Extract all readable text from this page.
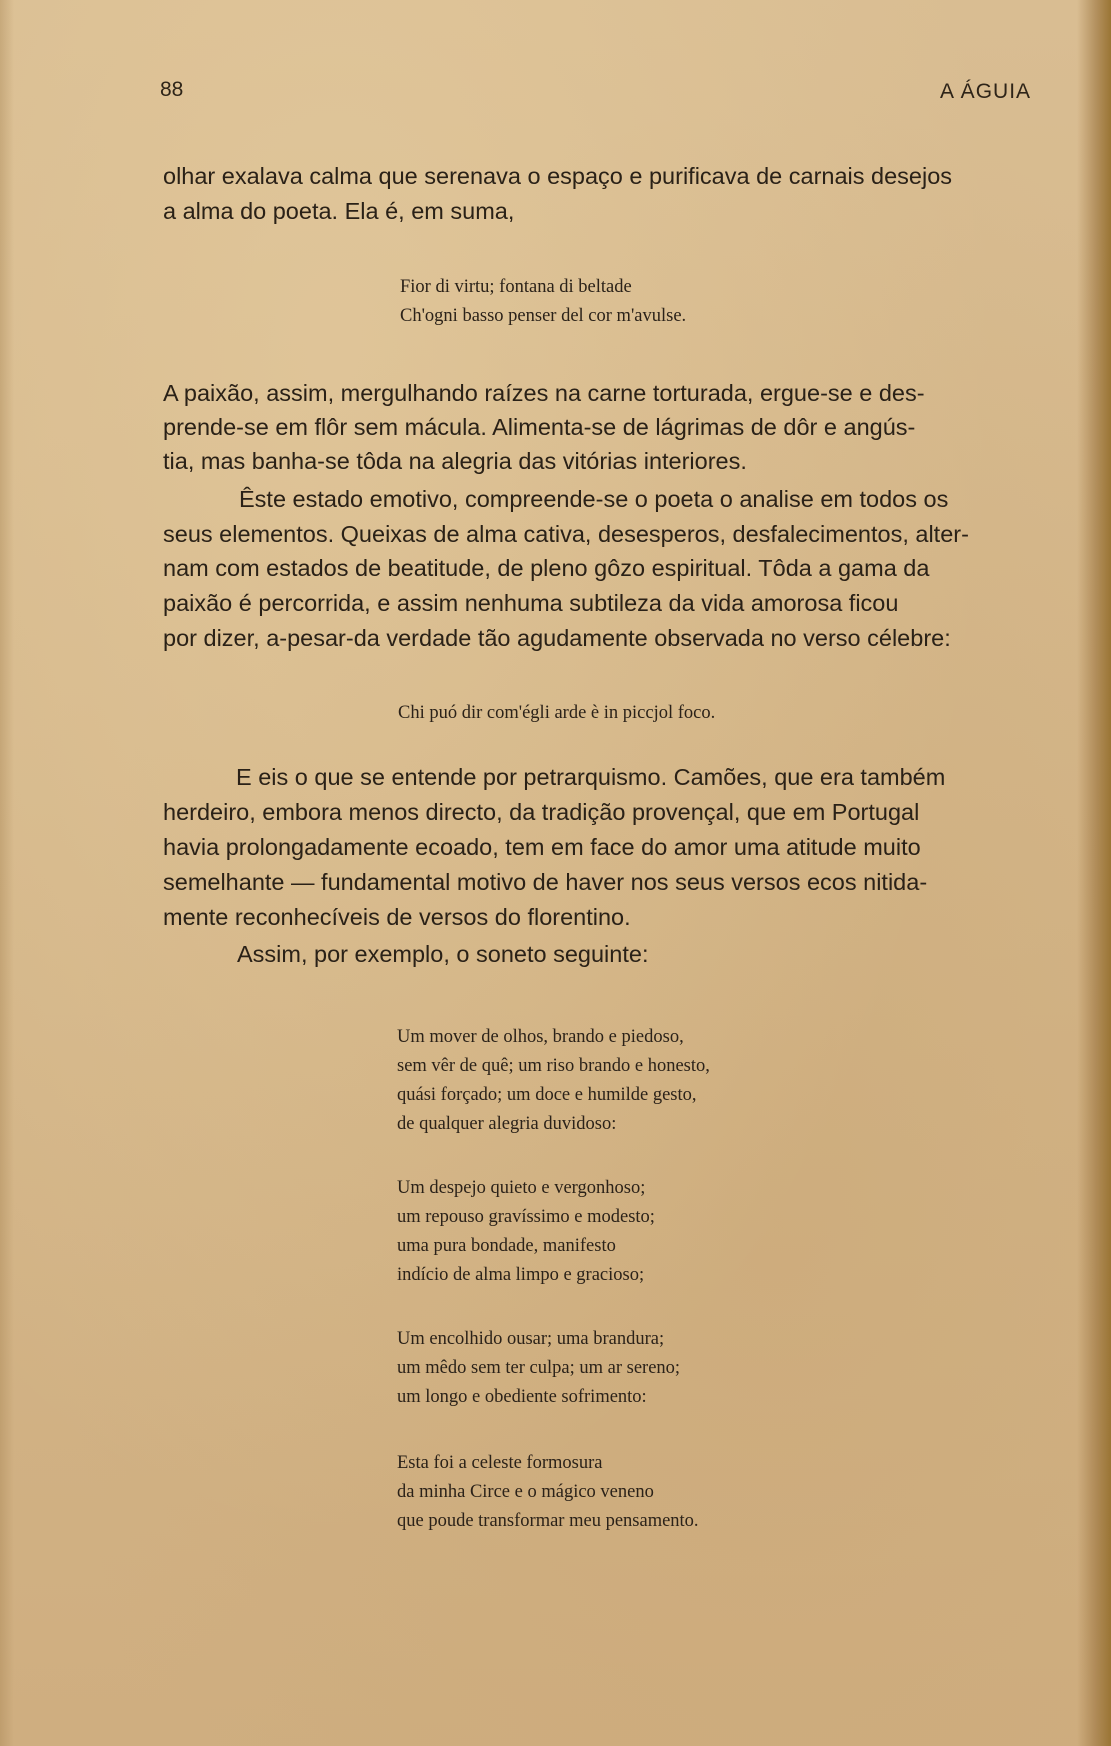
88	A ÁGUIA
olhar exalava calma que serenava o espaço e purificava de carnais desejos
a alma do poeta. Ela é, em suma,
Fior di virtu; fontana di beltade
Ch'ogni basso penser del cor m'avulse.
A paixão, assim, mergulhando raízes na carne torturada, ergue-se e des-
prende-se em flôr sem mácula. Alimenta-se de lágrimas de dôr e angús-
tia, mas banha-se tôda na alegria das vitórias interiores.
Êste estado emotivo, compreende-se o poeta o analise em todos os
seus elementos. Queixas de alma cativa, desesperos, desfalecimentos, alter-
nam com estados de beatitude, de pleno gôzo espiritual. Tôda a gama da
paixão é percorrida, e assim nenhuma subtileza da vida amorosa ficou
por dizer, a-pesar-da verdade tão agudamente observada no verso célebre:
Chi puó dir com'égli arde è in piccjol foco.
E eis o que se entende por petrarquismo. Camões, que era também
herdeiro, embora menos directo, da tradição provençal, que em Portugal
havia prolongadamente ecoado, tem em face do amor uma atitude muito
semelhante — fundamental motivo de haver nos seus versos ecos nitida-
mente reconhecíveis de versos do florentino.
Assim, por exemplo, o soneto seguinte:
Um mover de olhos, brando e piedoso,
sem vêr de quê; um riso brando e honesto,
quási forçado; um doce e humilde gesto,
de qualquer alegria duvidoso:
Um despejo quieto e vergonhoso;
um repouso gravíssimo e modesto;
uma pura bondade, manifesto
indício de alma limpo e gracioso;
Um encolhido ousar; uma brandura;
um mêdo sem ter culpa; um ar sereno;
um longo e obediente sofrimento:
Esta foi a celeste formosura
da minha Circe e o mágico veneno
que poude transformar meu pensamento.
